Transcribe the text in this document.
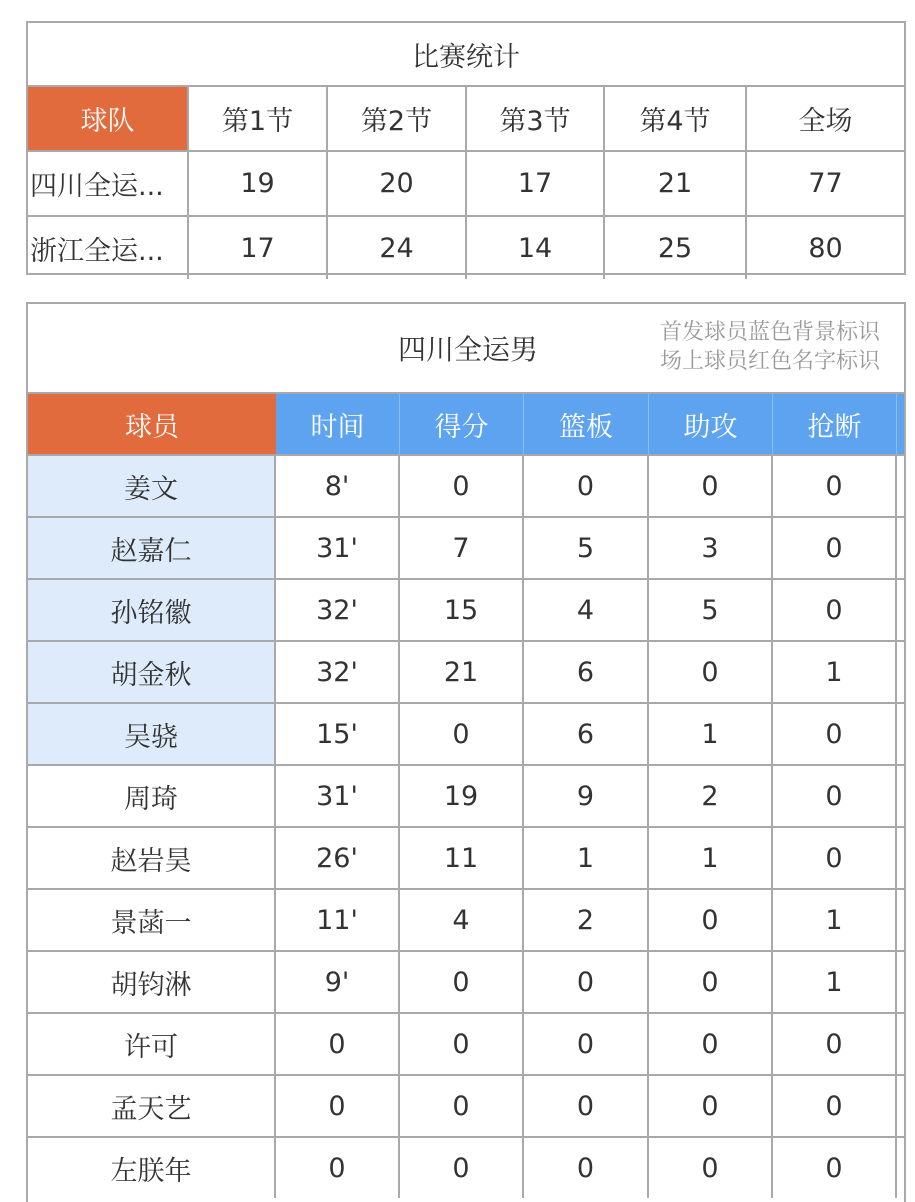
比赛统计
球队	第1节	第2节	第3节	第4节	全场
四川全运...	19	20	17	21	77
浙江全运...	17	24	14	25	80
四川全运男
首发球员蓝色背景标识
场上球员红色名字标识
球员	时间	得分	篮板	助攻	抢断
姜文	8'	0	0	0	0
赵嘉仁	31'	7	5	3	0
孙铭徽	32'	15	4	5	0
胡金秋	32'	21	6	0	1
吴骁	15'	0	6	1	0
周琦	31'	19	9	2	0
赵岩昊	26'	11	1	1	0
景菡一	11'	4	2	0	1
胡钧淋	9'	0	0	0	1
许可	0	0	0	0	0
孟天艺	0	0	0	0	0
左朕年	0	0	0	0	0
